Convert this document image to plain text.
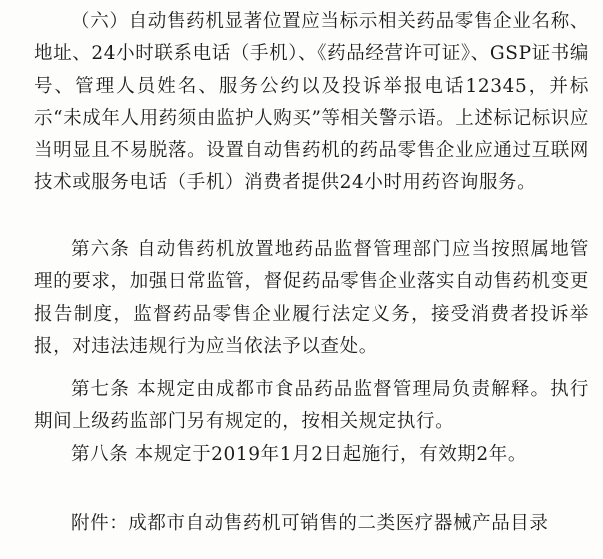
（六）自动售药机显著位置应当标示相关药品零售企业名称、地址、24小时联系电话（手机）、《药品经营许可证》、GSP证书编号、管理人员姓名、服务公约以及投诉举报电话12345，并标示“未成年人用药须由监护人购买”等相关警示语。上述标记标识应当明显且不易脱落。设置自动售药机的药品零售企业应通过互联网技术或服务电话（手机）消费者提供24小时用药咨询服务。

第六条 自动售药机放置地药品监督管理部门应当按照属地管理的要求，加强日常监管，督促药品零售企业落实自动售药机变更报告制度，监督药品零售企业履行法定义务，接受消费者投诉举报，对违法违规行为应当依法予以查处。

第七条 本规定由成都市食品药品监督管理局负责解释。执行期间上级药监部门另有规定的，按相关规定执行。

第八条 本规定于2019年1月2日起施行，有效期2年。

附件：成都市自动售药机可销售的二类医疗器械产品目录
